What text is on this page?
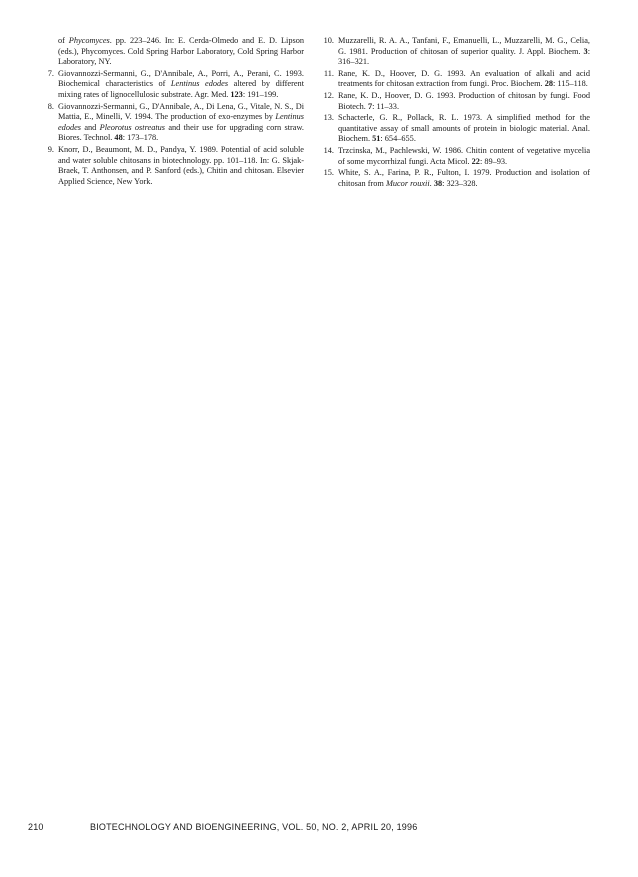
of Phycomyces. pp. 223–246. In: E. Cerda-Olmedo and E. D. Lipson (eds.), Phycomyces. Cold Spring Harbor Laboratory, Cold Spring Harbor Laboratory, NY.
7. Giovannozzi-Sermanni, G., D'Annibale, A., Porri, A., Perani, C. 1993. Biochemical characteristics of Lentinus edodes altered by different mixing rates of lignocellulosic substrate. Agr. Med. 123: 191–199.
8. Giovannozzi-Sermanni, G., D'Annibale, A., Di Lena, G., Vitale, N. S., Di Mattia, E., Minelli, V. 1994. The production of exo-enzymes by Lentinus edodes and Pleorotus ostreatus and their use for upgrading corn straw. Biores. Technol. 48: 173–178.
9. Knorr, D., Beaumont, M. D., Pandya, Y. 1989. Potential of acid soluble and water soluble chitosans in biotechnology. pp. 101–118. In: G. Skjak-Braek, T. Anthonsen, and P. Sanford (eds.), Chitin and chitosan. Elsevier Applied Science, New York.
10. Muzzarelli, R. A. A., Tanfani, F., Emanuelli, L., Muzzarelli, M. G., Celia, G. 1981. Production of chitosan of superior quality. J. Appl. Biochem. 3: 316–321.
11. Rane, K. D., Hoover, D. G. 1993. An evaluation of alkali and acid treatments for chitosan extraction from fungi. Proc. Biochem. 28: 115–118.
12. Rane, K. D., Hoover, D. G. 1993. Production of chitosan by fungi. Food Biotech. 7: 11–33.
13. Schacterle, G. R., Pollack, R. L. 1973. A simplified method for the quantitative assay of small amounts of protein in biologic material. Anal. Biochem. 51: 654–655.
14. Trzcinska, M., Pachlewski, W. 1986. Chitin content of vegetative mycelia of some mycorrhizal fungi. Acta Micol. 22: 89–93.
15. White, S. A., Farina, P. R., Fulton, I. 1979. Production and isolation of chitosan from Mucor rouxii. 38: 323–328.
210	BIOTECHNOLOGY AND BIOENGINEERING, VOL. 50, NO. 2, APRIL 20, 1996
